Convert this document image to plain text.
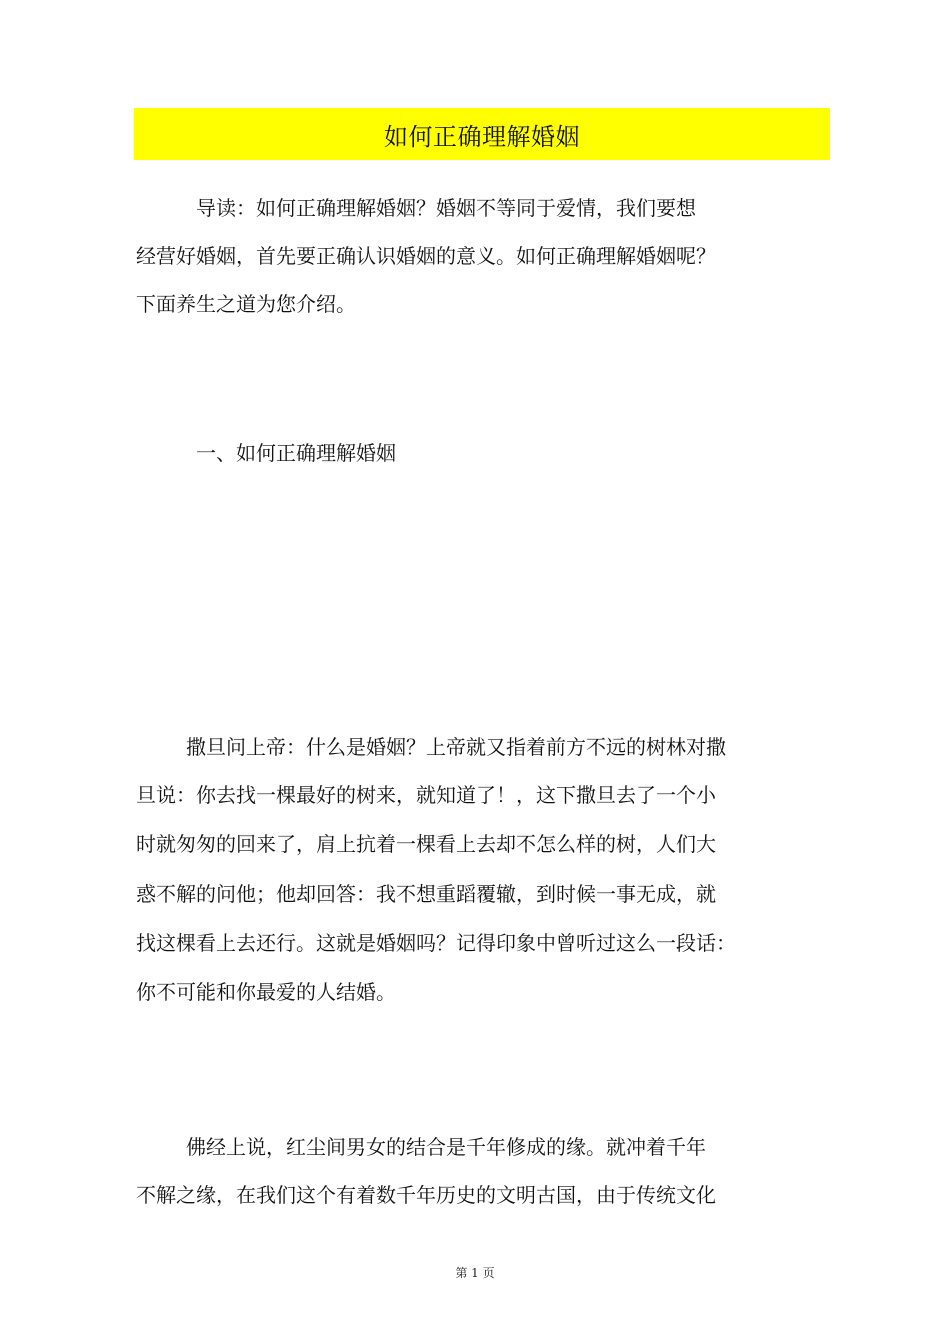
如何正确理解婚姻
导读：如何正确理解婚姻？婚姻不等同于爱情，我们要想
经营好婚姻，首先要正确认识婚姻的意义。如何正确理解婚姻呢？
下面养生之道为您介绍。
一、如何正确理解婚姻
撒旦问上帝：什么是婚姻？上帝就又指着前方不远的树林对撒
旦说：你去找一棵最好的树来，就知道了！，这下撒旦去了一个小
时就匆匆的回来了，肩上抗着一棵看上去却不怎么样的树，人们大
惑不解的问他；他却回答：我不想重蹈覆辙，到时候一事无成，就
找这棵看上去还行。这就是婚姻吗？记得印象中曾听过这么一段话：
你不可能和你最爱的人结婚。
佛经上说，红尘间男女的结合是千年修成的缘。就冲着千年
不解之缘，在我们这个有着数千年历史的文明古国，由于传统文化
第 1 页
